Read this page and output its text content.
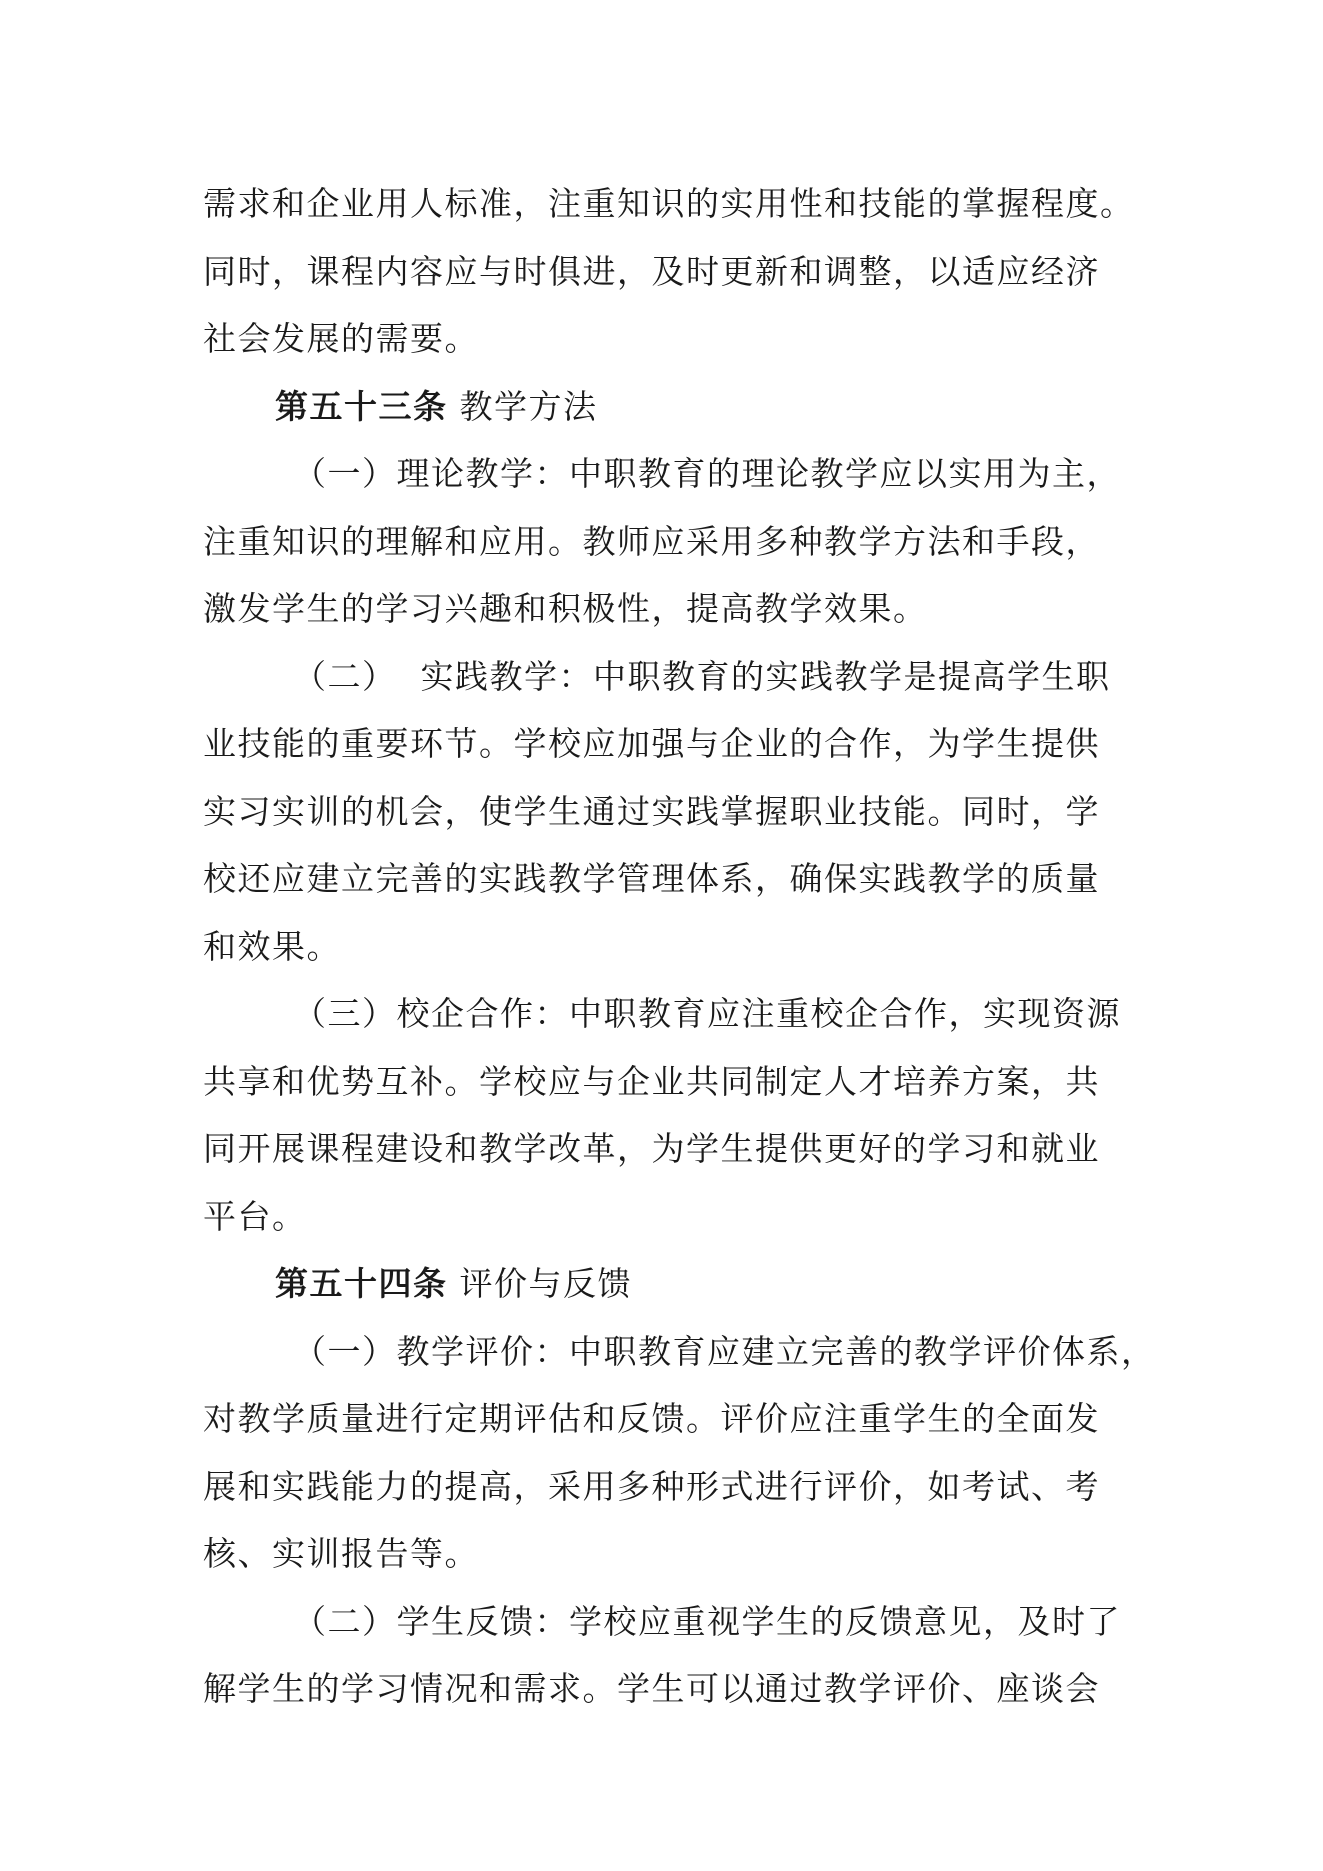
需求和企业用人标准，注重知识的实用性和技能的掌握程度。
同时，课程内容应与时俱进，及时更新和调整，以适应经济
社会发展的需要。
第五十三条 教学方法
（一）理论教学：中职教育的理论教学应以实用为主，
注重知识的理解和应用。教师应采用多种教学方法和手段，
激发学生的学习兴趣和积极性，提高教学效果。
（二）  实践教学：中职教育的实践教学是提高学生职
业技能的重要环节。学校应加强与企业的合作，为学生提供
实习实训的机会，使学生通过实践掌握职业技能。同时，学
校还应建立完善的实践教学管理体系，确保实践教学的质量
和效果。
（三）校企合作：中职教育应注重校企合作，实现资源
共享和优势互补。学校应与企业共同制定人才培养方案，共
同开展课程建设和教学改革，为学生提供更好的学习和就业
平台。
第五十四条 评价与反馈
（一）教学评价：中职教育应建立完善的教学评价体系，
对教学质量进行定期评估和反馈。评价应注重学生的全面发
展和实践能力的提高，采用多种形式进行评价，如考试、考
核、实训报告等。
（二）学生反馈：学校应重视学生的反馈意见，及时了
解学生的学习情况和需求。学生可以通过教学评价、座谈会
